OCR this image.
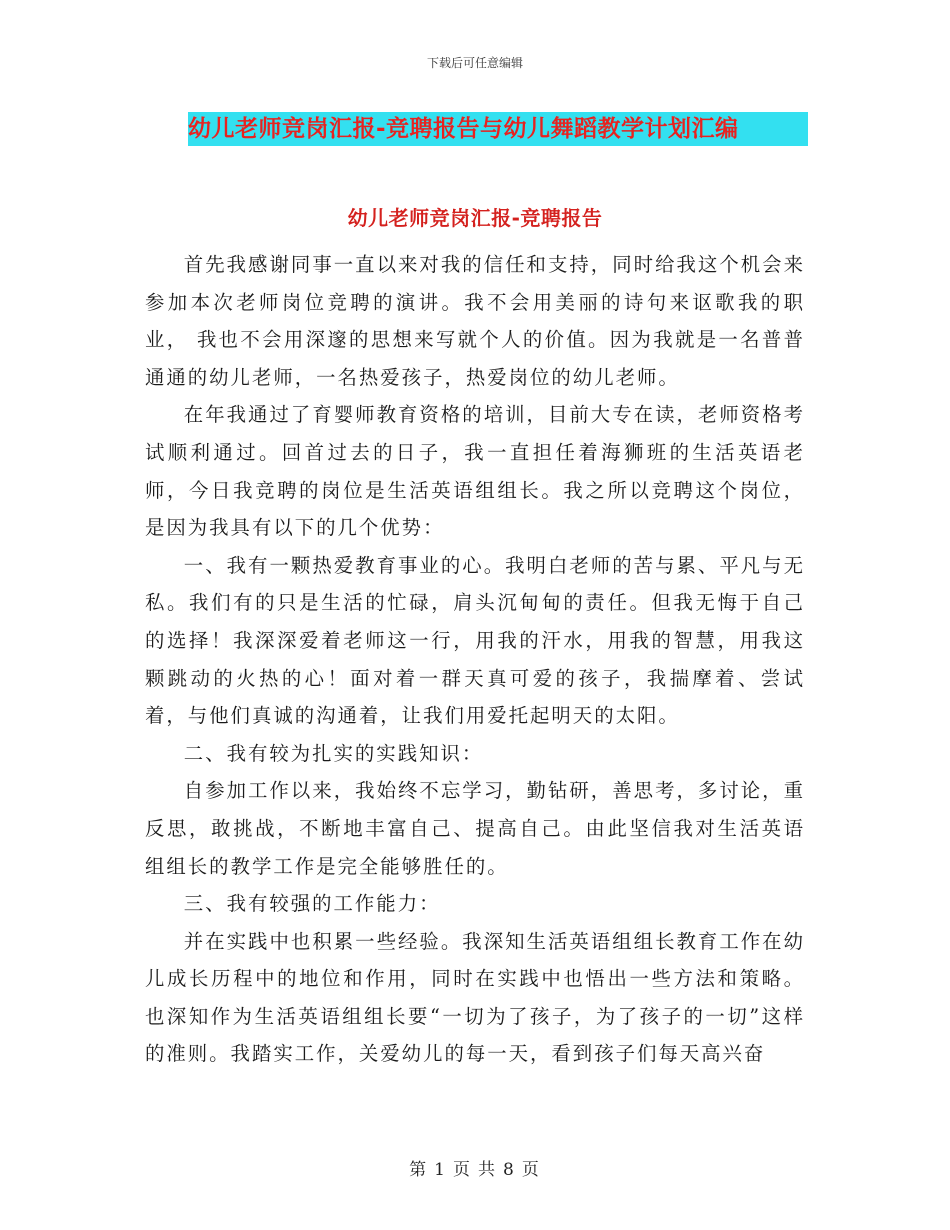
下载后可任意编辑
幼儿老师竞岗汇报-竞聘报告与幼儿舞蹈教学计划汇编
幼儿老师竞岗汇报-竞聘报告

首先我感谢同事一直以来对我的信任和支持，同时给我这个机会来参加本次老师岗位竞聘的演讲。我不会用美丽的诗句来讴歌我的职业， 我也不会用深邃的思想来写就个人的价值。因为我就是一名普普通通的幼儿老师，一名热爱孩子，热爱岗位的幼儿老师。

在年我通过了育婴师教育资格的培训，目前大专在读，老师资格考试顺利通过。回首过去的日子，我一直担任着海狮班的生活英语老师，今日我竞聘的岗位是生活英语组组长。我之所以竞聘这个岗位，是因为我具有以下的几个优势：

一、我有一颗热爱教育事业的心。我明白老师的苦与累、平凡与无私。我们有的只是生活的忙碌，肩头沉甸甸的责任。但我无悔于自己的选择！我深深爱着老师这一行，用我的汗水，用我的智慧，用我这颗跳动的火热的心！面对着一群天真可爱的孩子，我揣摩着、尝试着，与他们真诚的沟通着，让我们用爱托起明天的太阳。

二、我有较为扎实的实践知识：

自参加工作以来，我始终不忘学习，勤钻研，善思考，多讨论，重反思，敢挑战，不断地丰富自己、提高自己。由此坚信我对生活英语组组长的教学工作是完全能够胜任的。

三、我有较强的工作能力：

并在实践中也积累一些经验。我深知生活英语组组长教育工作在幼儿成长历程中的地位和作用，同时在实践中也悟出一些方法和策略。也深知作为生活英语组组长要“一切为了孩子，为了孩子的一切”这样的准则。我踏实工作，关爱幼儿的每一天，看到孩子们每天高兴奋

第 1 页 共 8 页
